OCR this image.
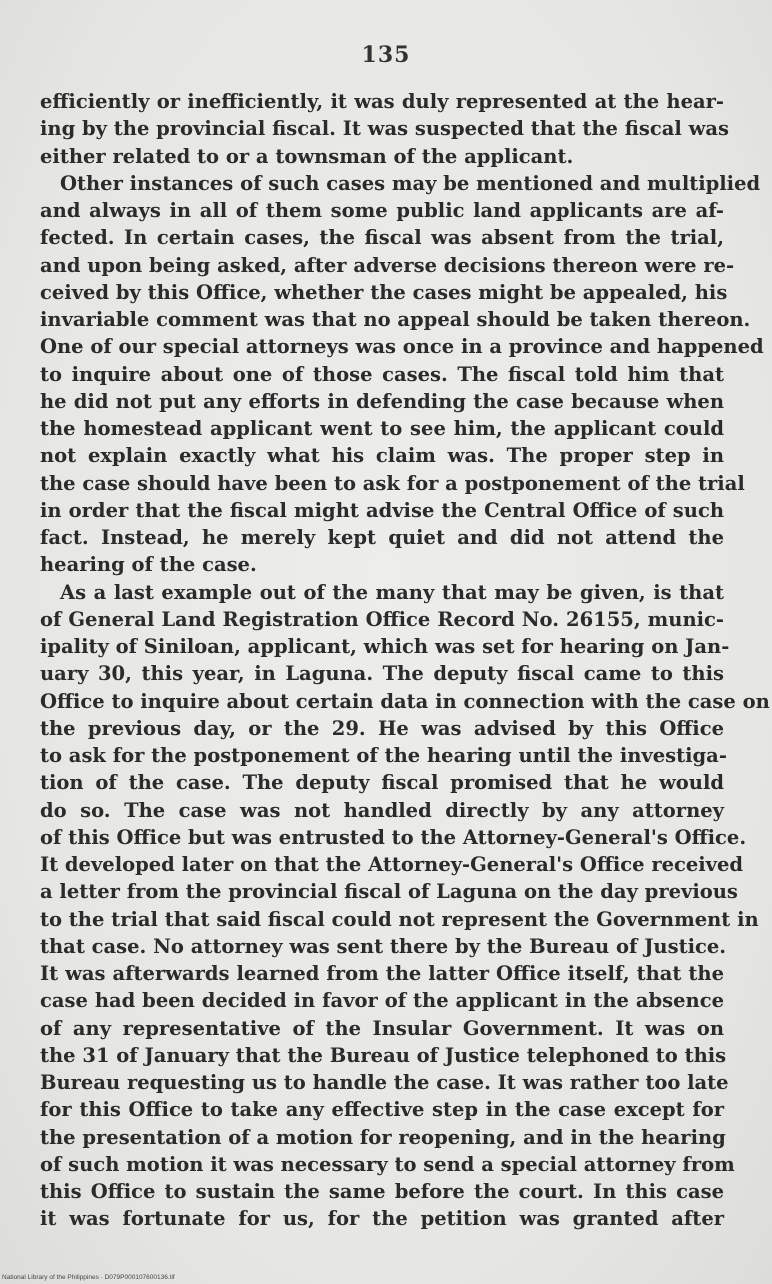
135
efficiently or inefficiently, it was duly represented at the hear-
ing by the provincial fiscal. It was suspected that the fiscal was
either related to or a townsman of the applicant.
Other instances of such cases may be mentioned and multiplied
and always in all of them some public land applicants are af-
fected. In certain cases, the fiscal was absent from the trial,
and upon being asked, after adverse decisions thereon were re-
ceived by this Office, whether the cases might be appealed, his
invariable comment was that no appeal should be taken thereon.
One of our special attorneys was once in a province and happened
to inquire about one of those cases. The fiscal told him that
he did not put any efforts in defending the case because when
the homestead applicant went to see him, the applicant could
not explain exactly what his claim was. The proper step in
the case should have been to ask for a postponement of the trial
in order that the fiscal might advise the Central Office of such
fact. Instead, he merely kept quiet and did not attend the
hearing of the case.
As a last example out of the many that may be given, is that
of General Land Registration Office Record No. 26155, munic-
ipality of Siniloan, applicant, which was set for hearing on Jan-
uary 30, this year, in Laguna. The deputy fiscal came to this
Office to inquire about certain data in connection with the case on
the previous day, or the 29. He was advised by this Office
to ask for the postponement of the hearing until the investiga-
tion of the case. The deputy fiscal promised that he would
do so. The case was not handled directly by any attorney
of this Office but was entrusted to the Attorney-General's Office.
It developed later on that the Attorney-General's Office received
a letter from the provincial fiscal of Laguna on the day previous
to the trial that said fiscal could not represent the Government in
that case. No attorney was sent there by the Bureau of Justice.
It was afterwards learned from the latter Office itself, that the
case had been decided in favor of the applicant in the absence
of any representative of the Insular Government. It was on
the 31 of January that the Bureau of Justice telephoned to this
Bureau requesting us to handle the case. It was rather too late
for this Office to take any effective step in the case except for
the presentation of a motion for reopening, and in the hearing
of such motion it was necessary to send a special attorney from
this Office to sustain the same before the court. In this case
it was fortunate for us, for the petition was granted after
National Library of the Philippines · D079P000107600136.tif
